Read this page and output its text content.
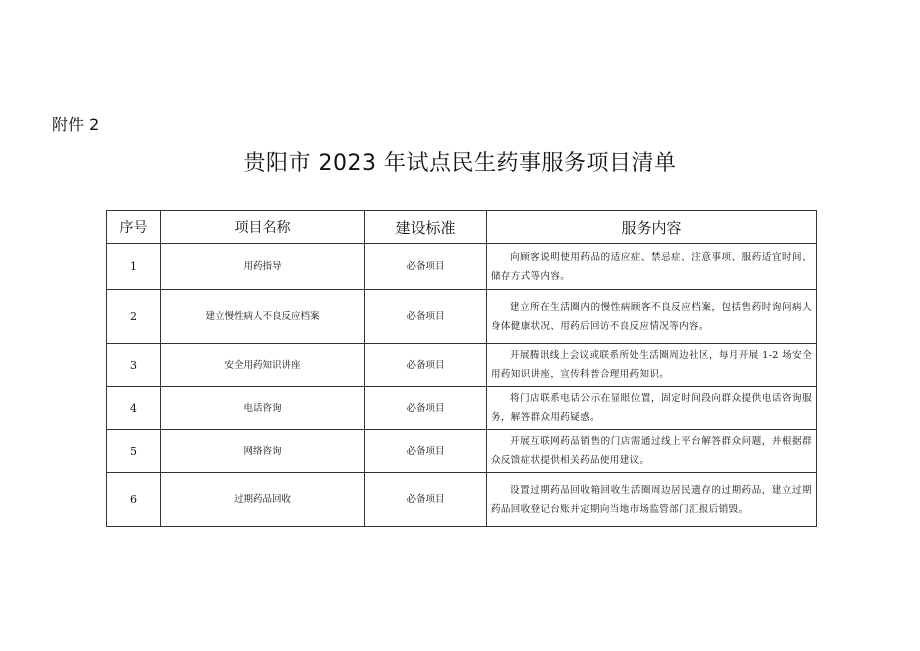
附件 2
贵阳市 2023 年试点民生药事服务项目清单
序号	项目名称	建设标准	服务内容
1	用药指导	必备项目	向顾客说明使用药品的适应症、禁忌症、注意事项、服药适宜时间、储存方式等内容。

2	建立慢性病人不良反应档案	必备项目	建立所在生活圈内的慢性病顾客不良反应档案，包括售药时询问病人身体健康状况、用药后回访不良反应情况等内容。

3	安全用药知识讲座	必备项目	开展腾讯线上会议或联系所处生活圈周边社区，每月开展 1-2 场安全用药知识讲座，宣传科普合理用药知识。

4	电话咨询	必备项目	将门店联系电话公示在显眼位置，固定时间段向群众提供电话咨询服务，解答群众用药疑惑。

5	网络咨询	必备项目	开展互联网药品销售的门店需通过线上平台解答群众问题，并根据群众反馈症状提供相关药品使用建议。

6	过期药品回收	必备项目	设置过期药品回收箱回收生活圈周边居民遗存的过期药品，建立过期药品回收登记台账并定期向当地市场监管部门汇报后销毁。
